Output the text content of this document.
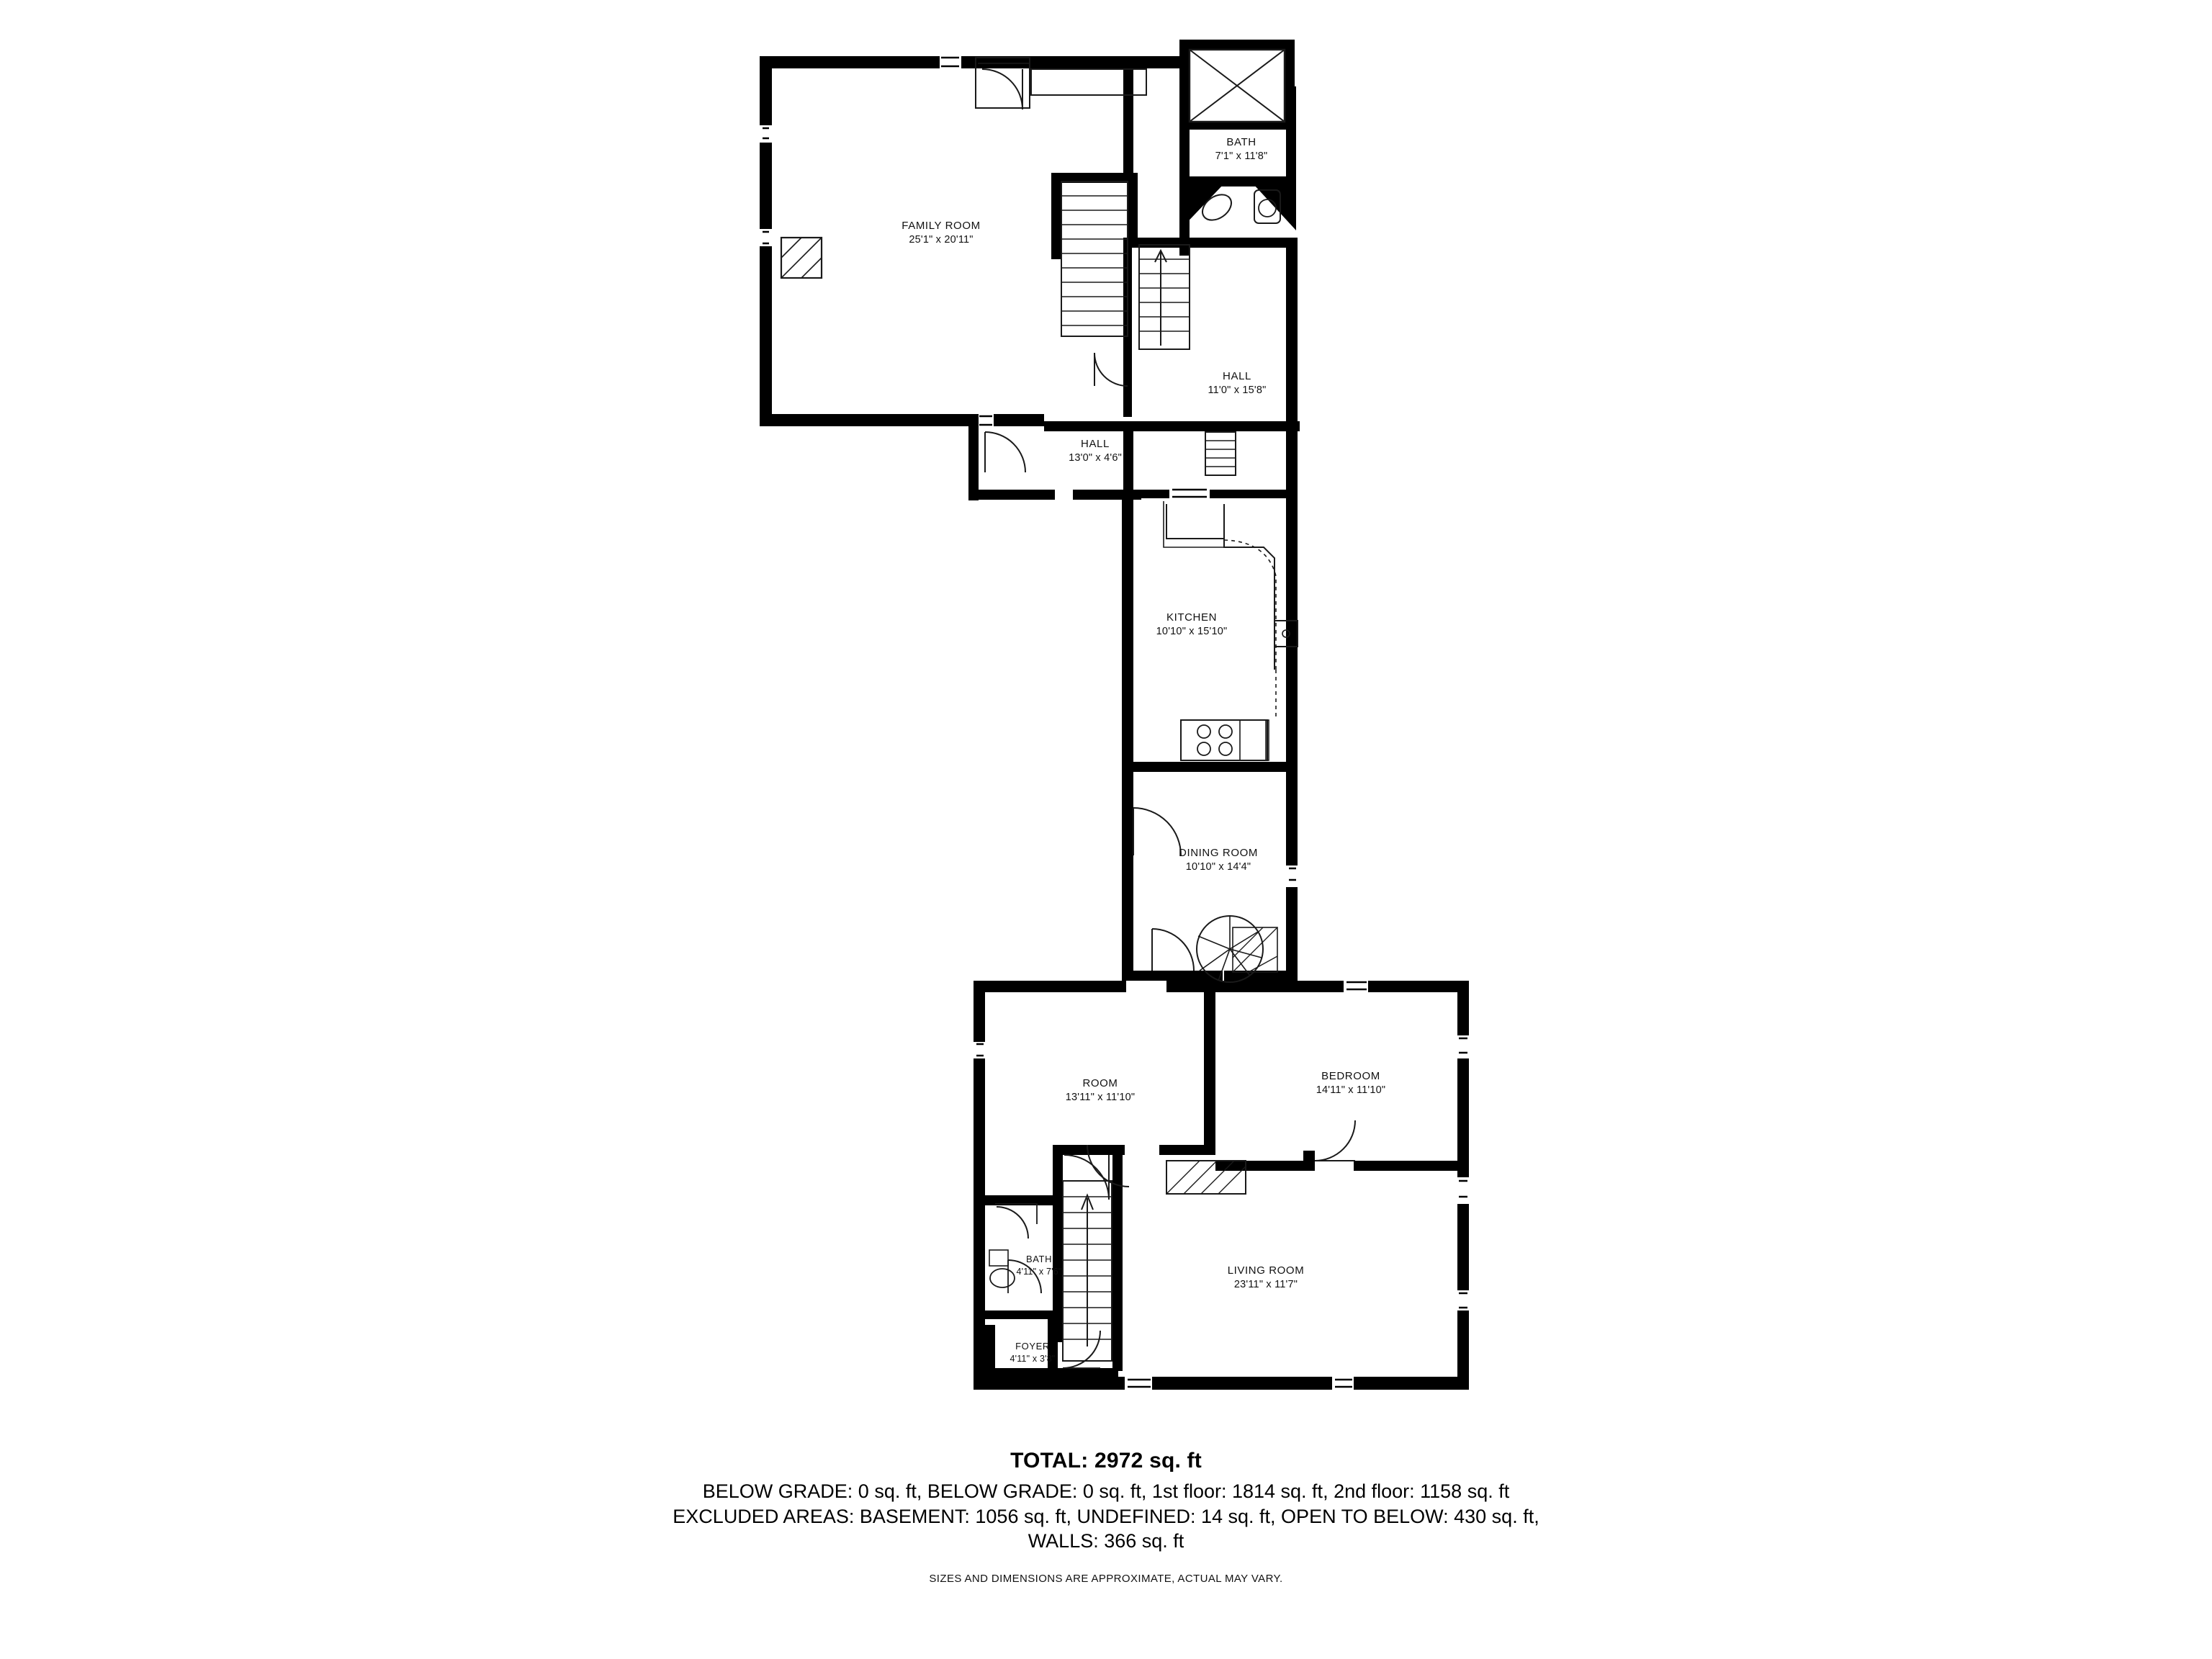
FAMILY ROOM
25'1" x 20'11"
BATH
7'1" x 11'8"
HALL
11'0" x 15'8"
HALL
13'0" x 4'6"
KITCHEN
10'10" x 15'10"
DINING ROOM
10'10" x 14'4"
ROOM
13'11" x 11'10"
BEDROOM
14'11" x 11'10"
LIVING ROOM
23'11" x 11'7"
BATH
4'11" x 7'6"
FOYER
4'11" x 3'8"
TOTAL: 2972 sq. ft
BELOW GRADE: 0 sq. ft, BELOW GRADE: 0 sq. ft, 1st floor: 1814 sq. ft, 2nd floor: 1158 sq. ft
EXCLUDED AREAS: BASEMENT: 1056 sq. ft, UNDEFINED: 14 sq. ft, OPEN TO BELOW: 430 sq. ft,
WALLS: 366 sq. ft
SIZES AND DIMENSIONS ARE APPROXIMATE, ACTUAL MAY VARY.
